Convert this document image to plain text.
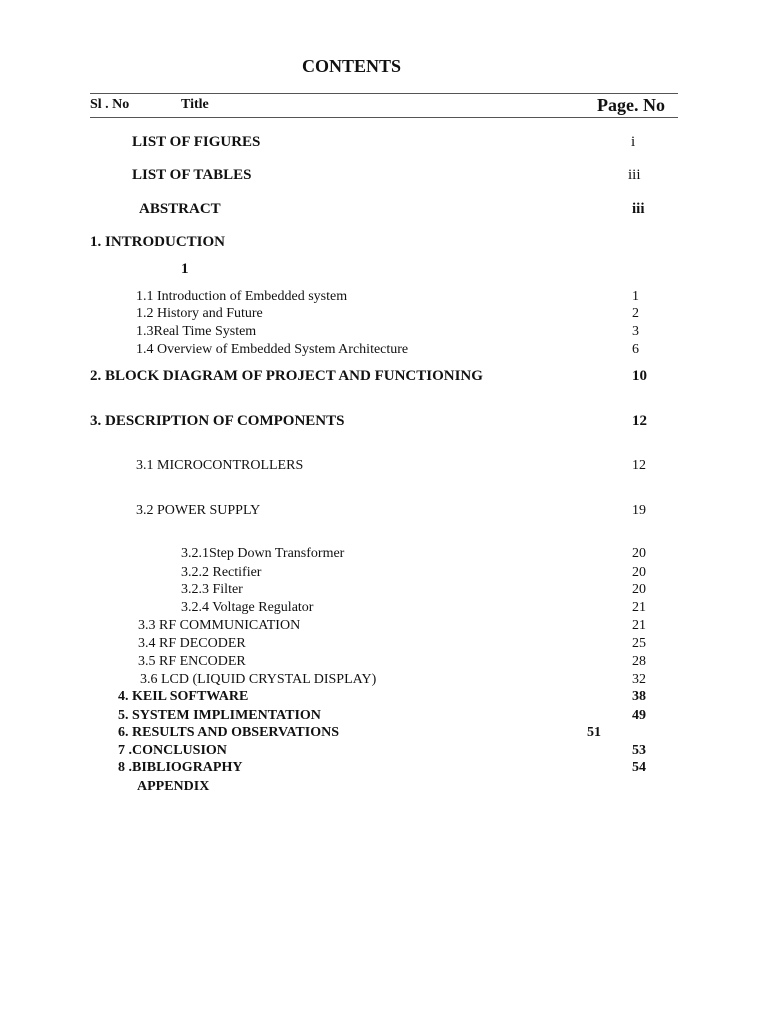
CONTENTS
Sl . No	Title	Page. No
LIST OF FIGURES	i
LIST OF TABLES	iii
ABSTRACT	iii
1. INTRODUCTION
1
1.1 Introduction of Embedded system	1
1.2 History and Future	2
1.3Real Time System	3
1.4 Overview of Embedded System Architecture	6
2. BLOCK DIAGRAM OF PROJECT AND FUNCTIONING	10
3. DESCRIPTION OF COMPONENTS	12
3.1 MICROCONTROLLERS	12
3.2 POWER SUPPLY	19
3.2.1Step Down Transformer	20
3.2.2 Rectifier	20
3.2.3 Filter	20
3.2.4 Voltage Regulator	21
3.3 RF COMMUNICATION	21
3.4 RF DECODER	25
3.5 RF ENCODER	28
3.6 LCD (LIQUID CRYSTAL DISPLAY)	32
4. KEIL SOFTWARE	38
5. SYSTEM IMPLIMENTATION	49
6. RESULTS AND OBSERVATIONS	51
7 .CONCLUSION	53
8 .BIBLIOGRAPHY	54
APPENDIX
